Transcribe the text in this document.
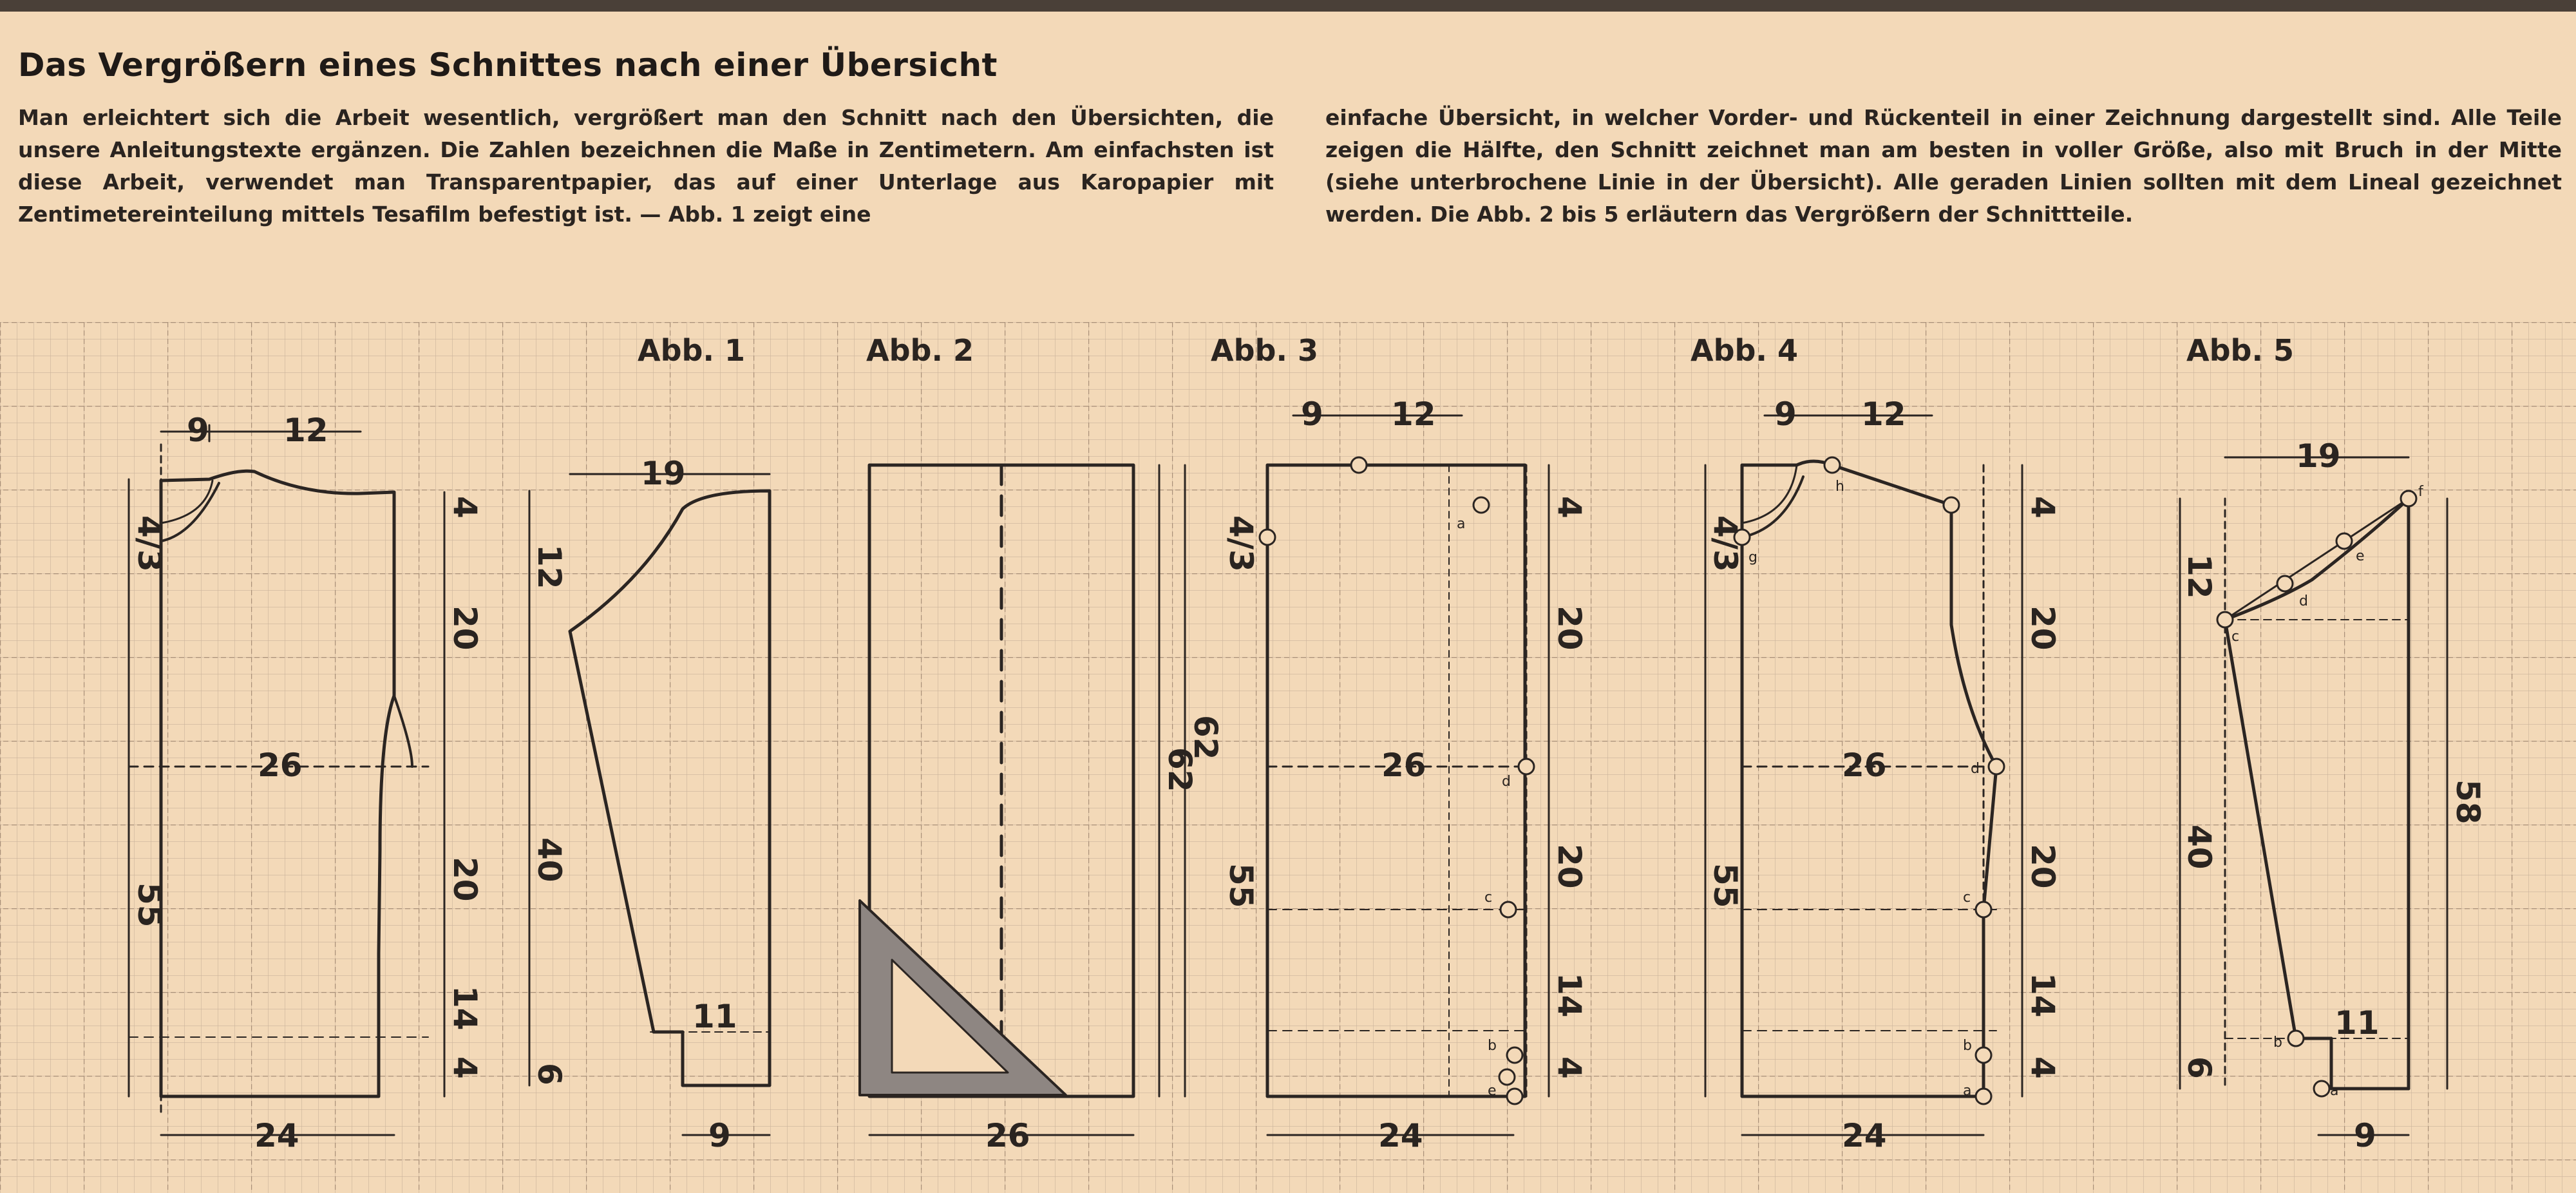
Das Vergrößern eines Schnittes nach einer Übersicht
Man erleichtert sich die Arbeit wesentlich, vergrößert man den Schnitt nach den Übersichten, die unsere Anleitungstexte ergänzen. Die Zahlen bezeichnen die Maße in Zentimetern. Am einfachsten ist diese Arbeit, verwendet man Transparentpapier, das auf einer Unterlage aus Karopapier mit Zentimetereinteilung mittels Tesafilm befestigt ist. — Abb. 1 zeigt eine
einfache Übersicht, in welcher Vorder- und Rückenteil in einer Zeichnung dargestellt sind. Alle Teile zeigen die Hälfte, den Schnitt zeichnet man am besten in voller Größe, also mit Bruch in der Mitte (siehe unterbrochene Linie in der Übersicht). Alle geraden Linien sollten mit dem Lineal gezeichnet werden. Die Abb. 2 bis 5 erläutern das Vergrößern der Schnittteile.
Abb. 1	Abb. 2	Abb. 3	Abb. 4	Abb. 5
9 12
26
24
4/3
55
4
20
20
14
4
19
12
40
6
11
9
62
26
9 12
26
24
62
4/3
55
4
20
20
14
4
a
d
c
b
e
9 12
26
24
4/3
55
4
20
20
14
4
h
g
d
c
b
a
19
12
40
6
58
11
9
c
d
e
f
b
a
